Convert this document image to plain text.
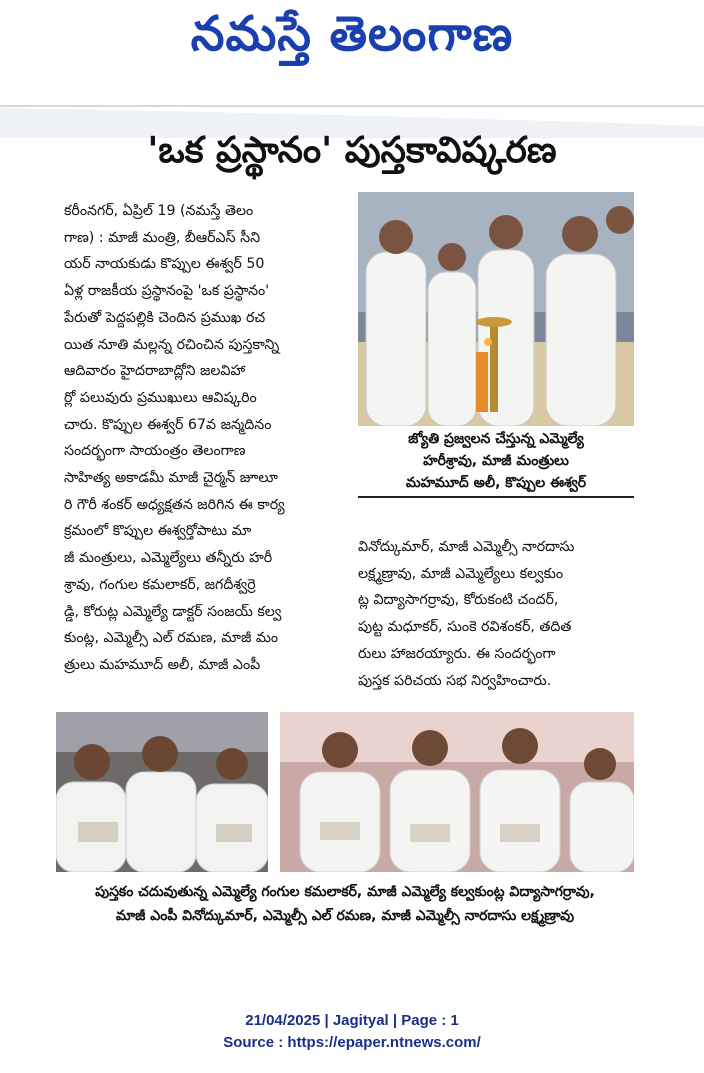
నమస్తే తెలంగాణ
'ఒక ప్రస్థానం' పుస్తకావిష్కరణ
కరీంనగర్, ఏప్రిల్ 19 (నమస్తే తెలం
గాణ) : మాజీ మంత్రి, బీఆర్ఎస్ సీని
యర్ నాయకుడు కొప్పుల ఈశ్వర్ 50
ఏళ్ల రాజకీయ ప్రస్థానంపై 'ఒక ప్రస్థానం'
పేరుతో పెద్దపల్లికి చెందిన ప్రముఖ రచ
యిత నూతి మల్లన్న రచించిన పుస్తకాన్ని
ఆదివారం హైదరాబాద్లోని జలవిహా
ర్లో పలువురు ప్రముఖులు ఆవిష్కరిం
చారు. కొప్పుల ఈశ్వర్ 67వ జన్మదినం
సందర్భంగా సాయంత్రం తెలంగాణ
సాహిత్య అకాడమీ మాజీ చైర్మన్ జూలూ
రి గౌరీ శంకర్ అధ్యక్షతన జరిగిన ఈ కార్య
క్రమంలో కొప్పుల ఈశ్వర్తోపాటు మా
జీ మంత్రులు, ఎమ్మెల్యేలు తన్నీరు హరీ
శ్రావు, గంగుల కమలాకర్, జగదీశ్వర్రె
డ్డి, కోరుట్ల ఎమ్మెల్యే డాక్టర్ సంజయ్ కల్వ
కుంట్ల, ఎమ్మెల్సీ ఎల్ రమణ, మాజీ మం
త్రులు మహమూద్ అలీ, మాజీ ఎంపీ
జ్యోతి ప్రజ్వలన చేస్తున్న ఎమ్మెల్యే
హరీశ్రావు, మాజీ మంత్రులు
మహమూద్ అలీ, కొప్పుల ఈశ్వర్
వినోద్కుమార్, మాజీ ఎమ్మెల్సీ నారదాసు
లక్ష్మణ్రావు, మాజీ ఎమ్మెల్యేలు కల్వకుం
ట్ల విద్యాసాగర్రావు, కోరుకంటి చందర్,
పుట్ట మధూకర్, సుంకె రవిశంకర్, తదిత
రులు హాజరయ్యారు. ఈ సందర్భంగా
పుస్తక పరిచయ సభ నిర్వహించారు.
పుస్తకం చదువుతున్న ఎమ్మెల్యే గంగుల కమలాకర్, మాజీ ఎమ్మెల్యే కల్వకుంట్ల విద్యాసాగర్రావు,
మాజీ ఎంపీ వినోద్కుమార్, ఎమ్మెల్సీ ఎల్ రమణ, మాజీ ఎమ్మెల్సీ నారదాసు లక్ష్మణ్రావు
21/04/2025 | Jagityal | Page : 1
Source : https://epaper.ntnews.com/
